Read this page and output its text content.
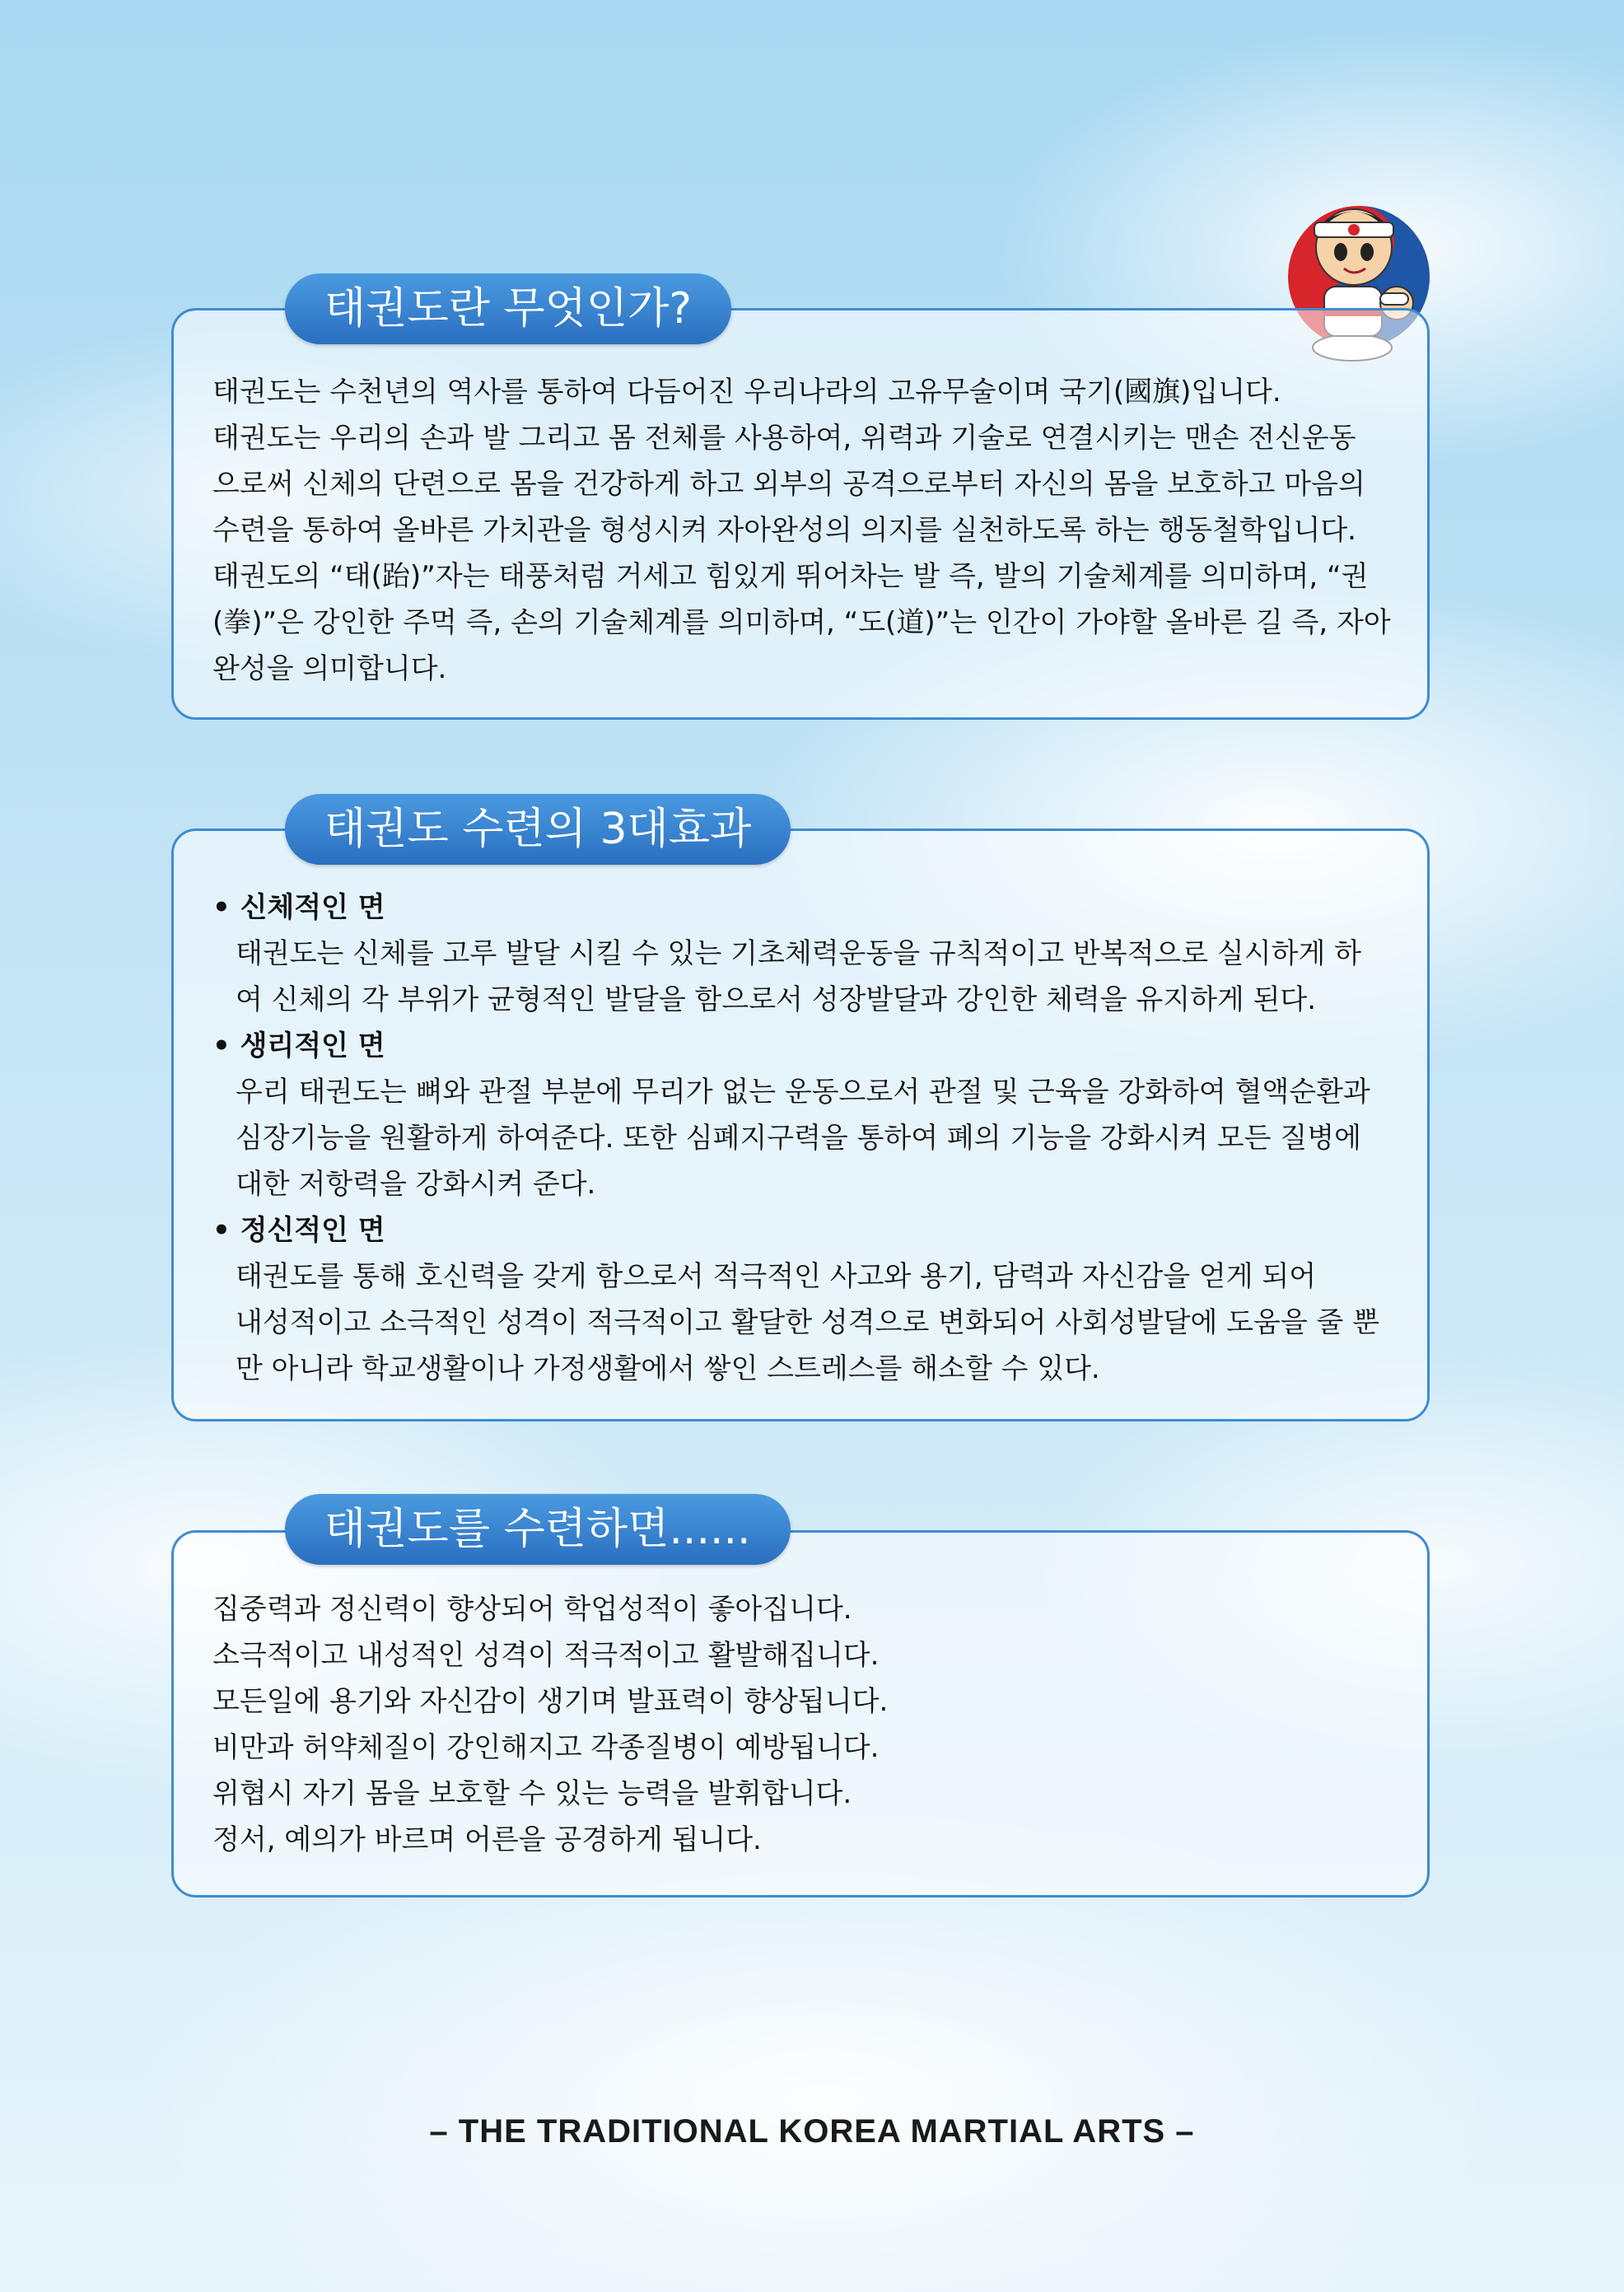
태권도란 무엇인가?
태권도는 수천년의 역사를 통하여 다듬어진 우리나라의 고유무술이며 국기(國旗)입니다.
태권도는 우리의 손과 발 그리고 몸 전체를 사용하여, 위력과 기술로 연결시키는 맨손 전신운동
으로써 신체의 단련으로 몸을 건강하게 하고 외부의 공격으로부터 자신의 몸을 보호하고 마음의
수련을 통하여 올바른 가치관을 형성시켜 자아완성의 의지를 실천하도록 하는 행동철학입니다.
태권도의 “태(跆)”자는 태풍처럼 거세고 힘있게 뛰어차는 발 즉, 발의 기술체계를 의미하며, “권
(拳)”은 강인한 주먹 즉, 손의 기술체계를 의미하며, “도(道)”는 인간이 가야할 올바른 길 즉, 자아
완성을 의미합니다.
태권도 수련의 3대효과
• 신체적인 면
태권도는 신체를 고루 발달 시킬 수 있는 기초체력운동을 규칙적이고 반복적으로 실시하게 하
여 신체의 각 부위가 균형적인 발달을 함으로서 성장발달과 강인한 체력을 유지하게 된다.
• 생리적인 면
우리 태권도는 뼈와 관절 부분에 무리가 없는 운동으로서 관절 및 근육을 강화하여 혈액순환과
심장기능을 원활하게 하여준다. 또한 심폐지구력을 통하여 폐의 기능을 강화시켜 모든 질병에
대한 저항력을 강화시켜 준다.
• 정신적인 면
태권도를 통해 호신력을 갖게 함으로서 적극적인 사고와 용기, 담력과 자신감을 얻게 되어
내성적이고 소극적인 성격이 적극적이고 활달한 성격으로 변화되어 사회성발달에 도움을 줄 뿐
만 아니라 학교생활이나 가정생활에서 쌓인 스트레스를 해소할 수 있다.
태권도를 수련하면......
집중력과 정신력이 향상되어 학업성적이 좋아집니다.
소극적이고 내성적인 성격이 적극적이고 활발해집니다.
모든일에 용기와 자신감이 생기며 발표력이 향상됩니다.
비만과 허약체질이 강인해지고 각종질병이 예방됩니다.
위협시 자기 몸을 보호할 수 있는 능력을 발휘합니다.
정서, 예의가 바르며 어른을 공경하게 됩니다.
– THE TRADITIONAL KOREA MARTIAL ARTS –
